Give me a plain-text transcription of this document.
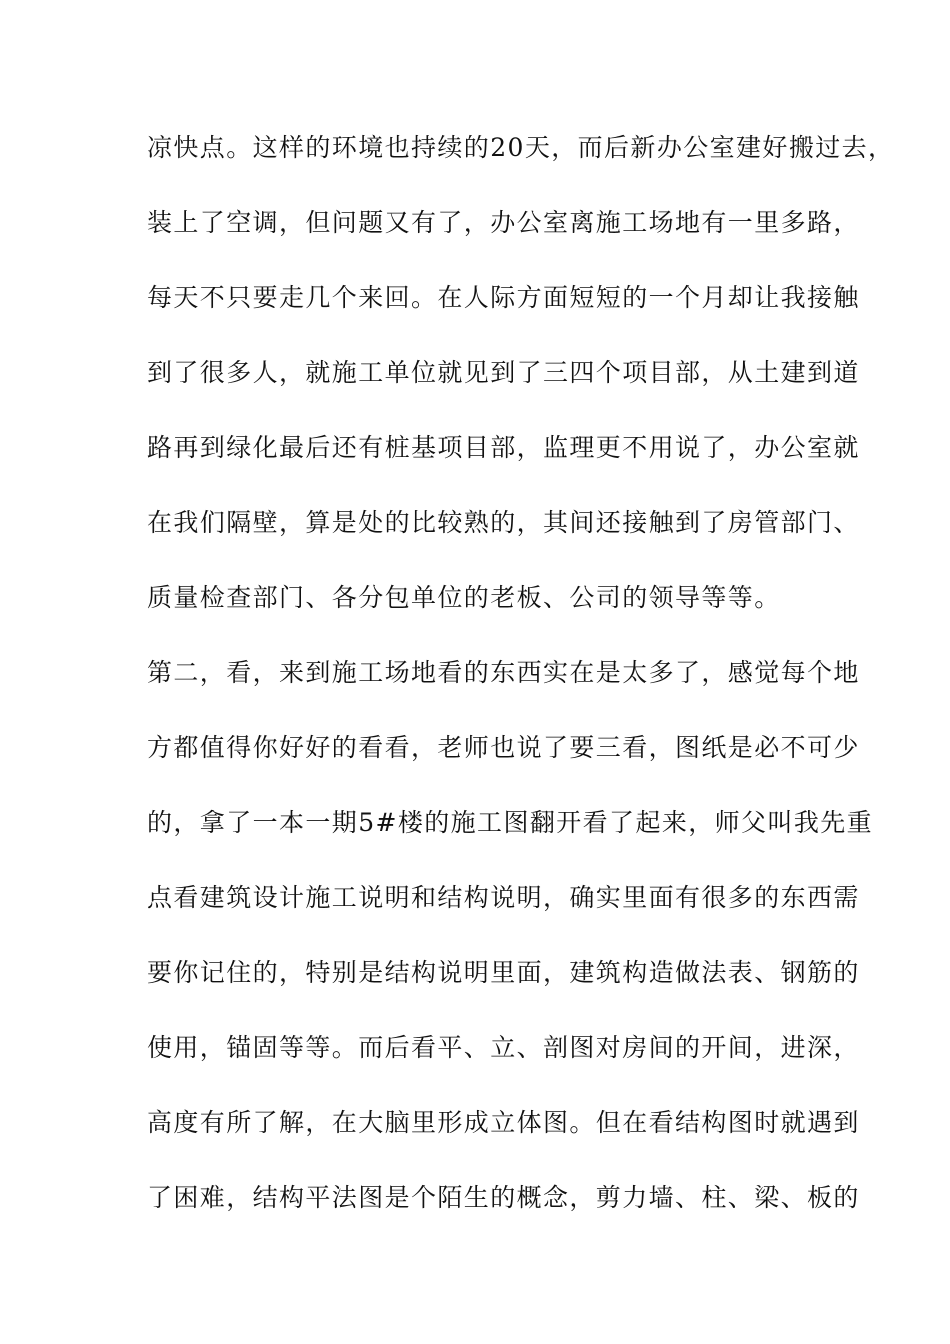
凉快点。这样的环境也持续的20天，而后新办公室建好搬过去，
装上了空调，但问题又有了，办公室离施工场地有一里多路，
每天不只要走几个来回。在人际方面短短的一个月却让我接触
到了很多人，就施工单位就见到了三四个项目部，从土建到道
路再到绿化最后还有桩基项目部，监理更不用说了，办公室就
在我们隔壁，算是处的比较熟的，其间还接触到了房管部门、
质量检查部门、各分包单位的老板、公司的领导等等。
第二，看，来到施工场地看的东西实在是太多了，感觉每个地
方都值得你好好的看看，老师也说了要三看，图纸是必不可少
的，拿了一本一期5#楼的施工图翻开看了起来，师父叫我先重
点看建筑设计施工说明和结构说明，确实里面有很多的东西需
要你记住的，特别是结构说明里面，建筑构造做法表、钢筋的
使用，锚固等等。而后看平、立、剖图对房间的开间，进深，
高度有所了解，在大脑里形成立体图。但在看结构图时就遇到
了困难，结构平法图是个陌生的概念，剪力墙、柱、梁、板的
